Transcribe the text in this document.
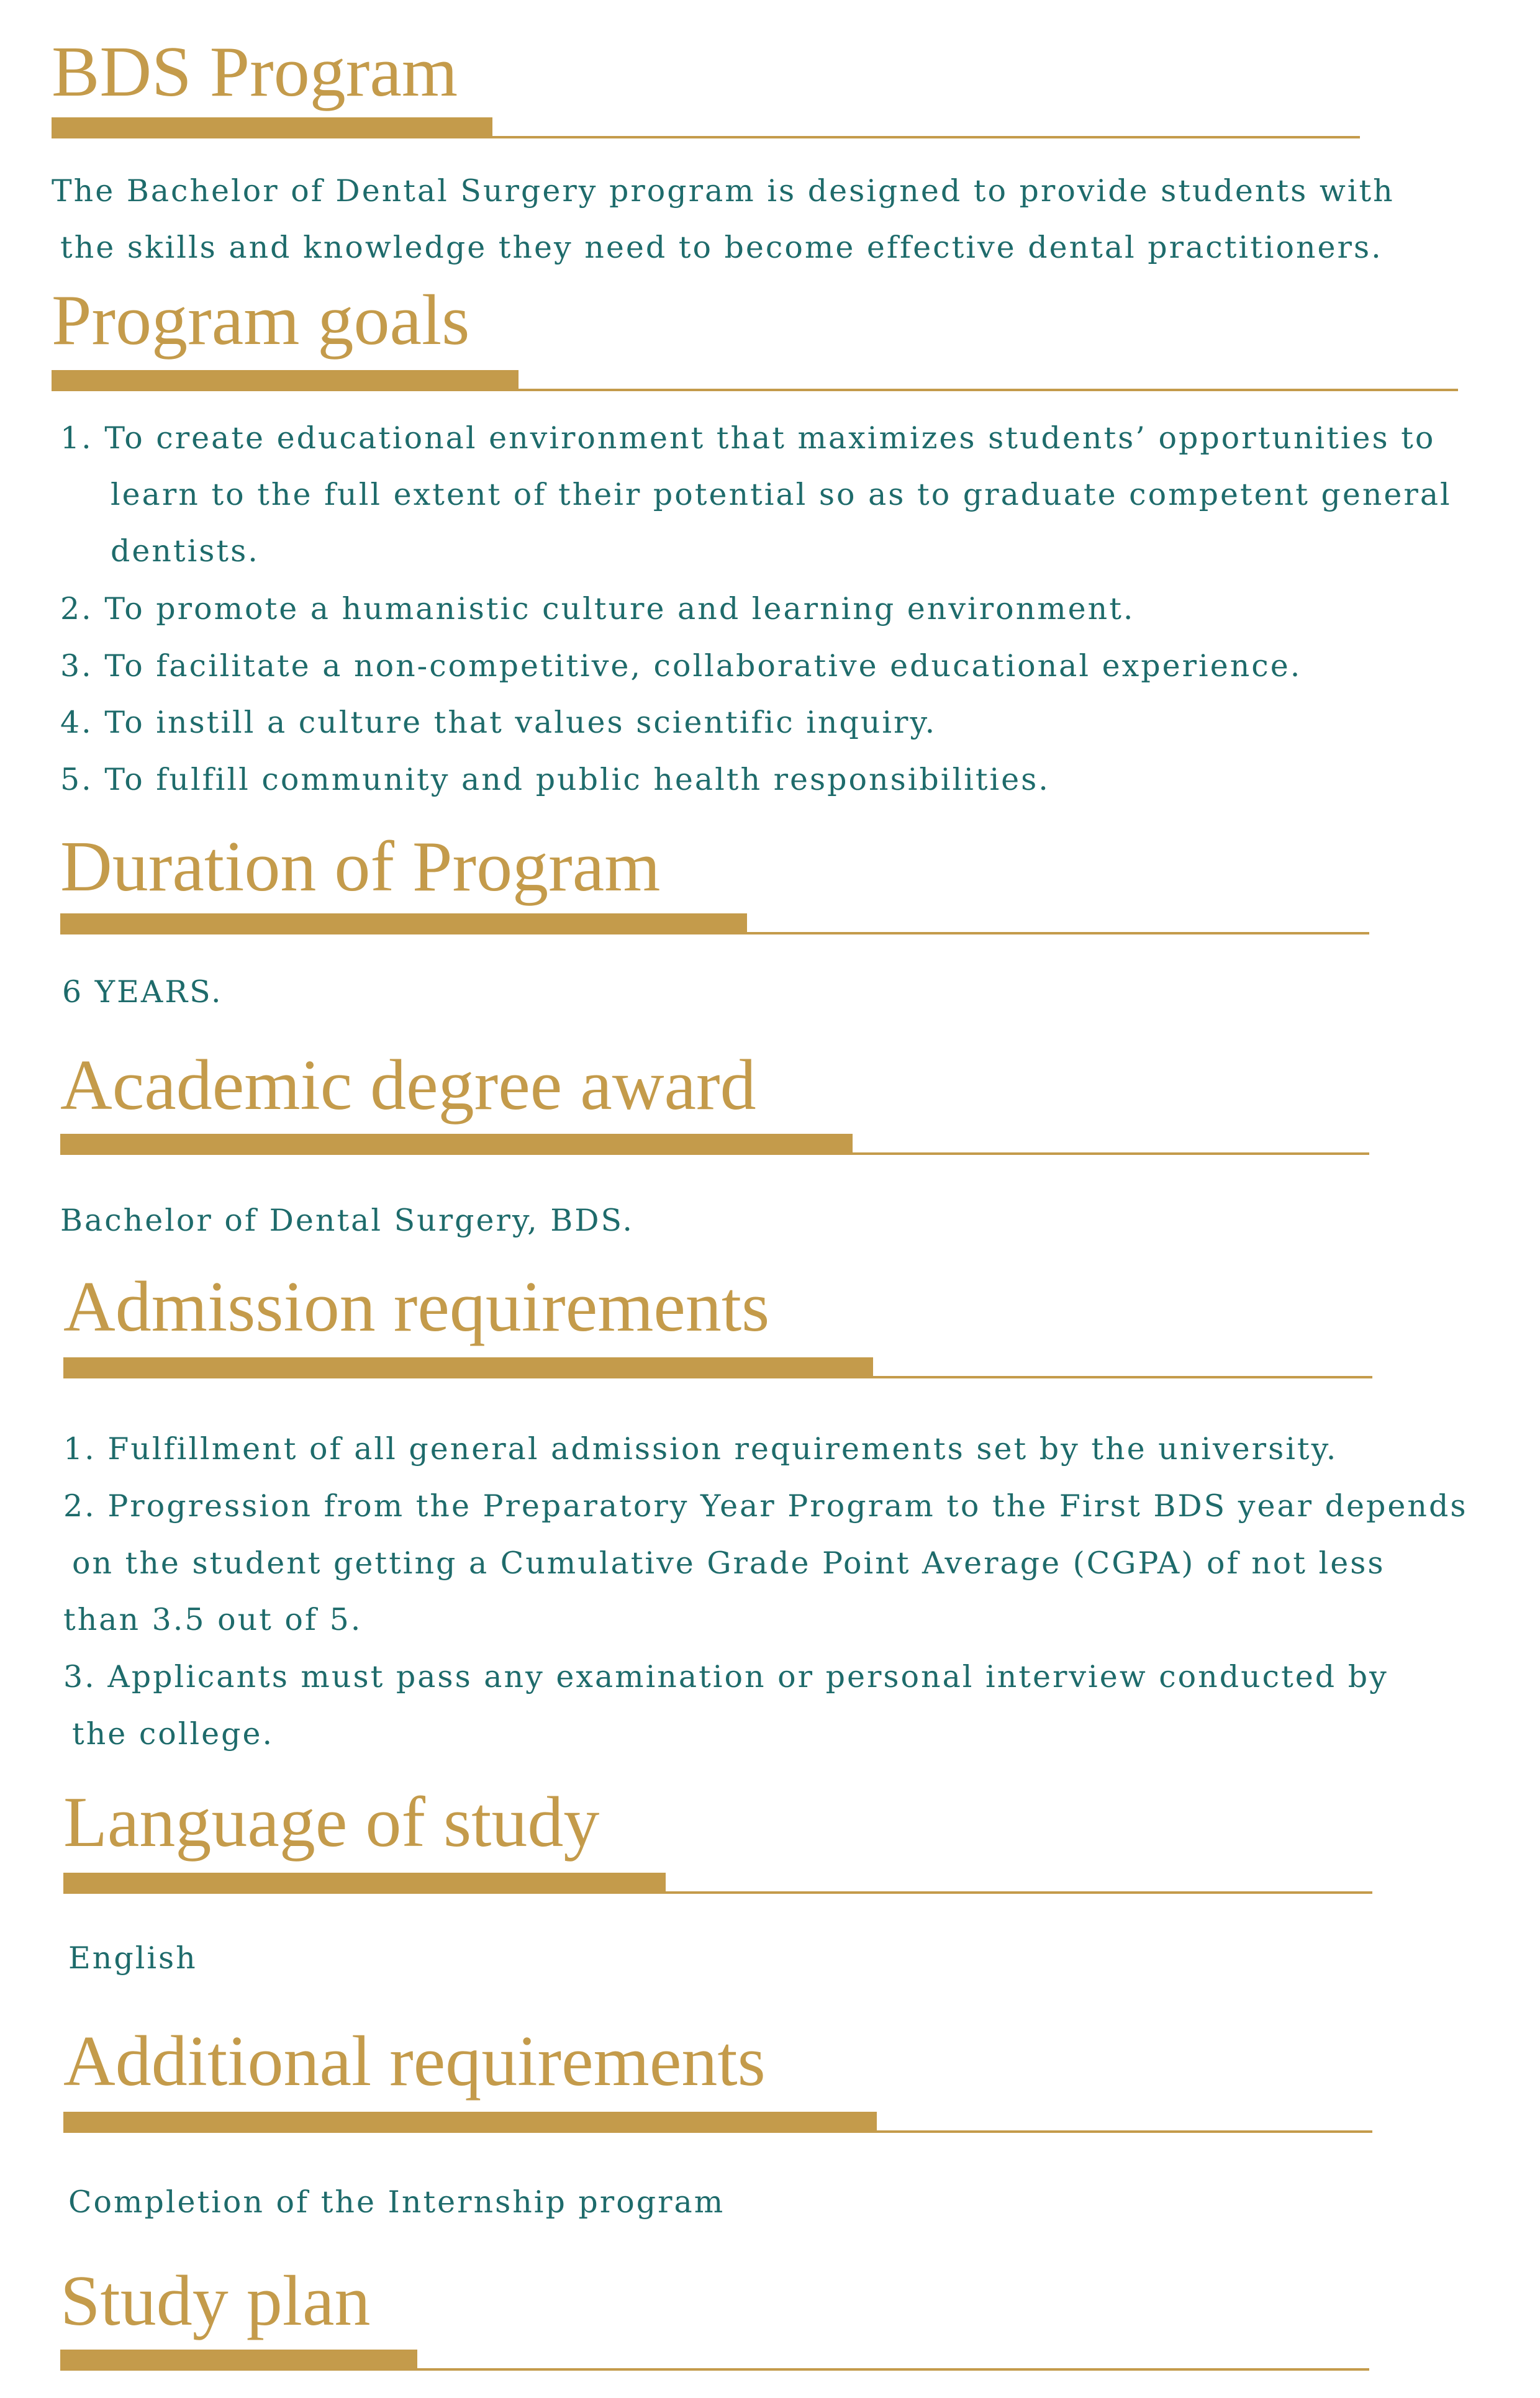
BDS Program
The Bachelor of Dental Surgery program is designed to provide students with
the skills and knowledge they need to become effective dental practitioners.
Program goals
1. To create educational environment that maximizes students’ opportunities to
learn to the full extent of their potential so as to graduate competent general
dentists.
2. To promote a humanistic culture and learning environment.
3. To facilitate a non-competitive, collaborative educational experience.
4. To instill a culture that values scientific inquiry.
5. To fulfill community and public health responsibilities.
Duration of Program
6 YEARS.
Academic degree award
Bachelor of Dental Surgery, BDS.
Admission requirements
1. Fulfillment of all general admission requirements set by the university.
2. Progression from the Preparatory Year Program to the First BDS year depends
on the student getting a Cumulative Grade Point Average (CGPA) of not less
than 3.5 out of 5.
3. Applicants must pass any examination or personal interview conducted by
the college.
Language of study
English
Additional requirements
Completion of the Internship program
Study plan
